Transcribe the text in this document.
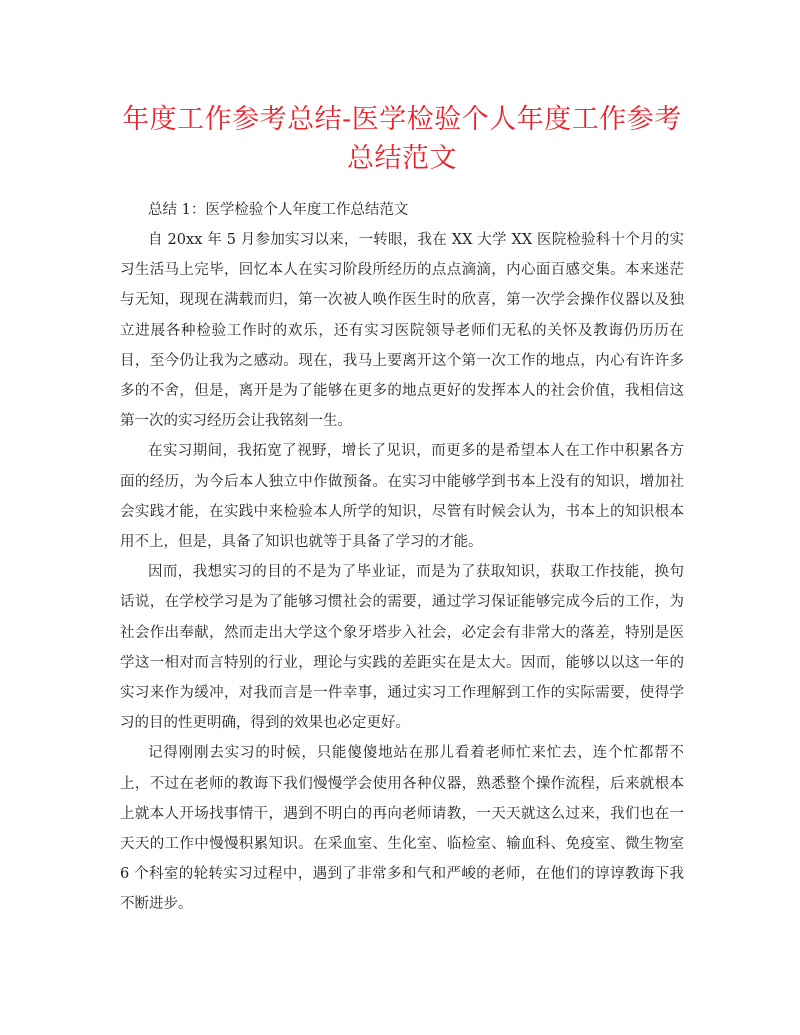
年度工作参考总结-医学检验个人年度工作参考总结范文

总结 1：医学检验个人年度工作总结范文

自 20xx 年 5 月参加实习以来，一转眼，我在 XX 大学 XX 医院检验科十个月的实习生活马上完毕，回忆本人在实习阶段所经历的点点滴滴，内心面百感交集。本来迷茫与无知，现现在满载而归，第一次被人唤作医生时的欣喜，第一次学会操作仪器以及独立进展各种检验工作时的欢乐，还有实习医院领导老师们无私的关怀及教诲仍历历在目，至今仍让我为之感动。现在，我马上要离开这个第一次工作的地点，内心有许许多多的不舍，但是，离开是为了能够在更多的地点更好的发挥本人的社会价值，我相信这第一次的实习经历会让我铭刻一生。

在实习期间，我拓宽了视野，增长了见识，而更多的是希望本人在工作中积累各方面的经历，为今后本人独立中作做预备。在实习中能够学到书本上没有的知识，增加社会实践才能，在实践中来检验本人所学的知识，尽管有时候会认为，书本上的知识根本用不上，但是，具备了知识也就等于具备了学习的才能。

因而，我想实习的目的不是为了毕业证，而是为了获取知识，获取工作技能，换句话说，在学校学习是为了能够习惯社会的需要，通过学习保证能够完成今后的工作，为社会作出奉献，然而走出大学这个象牙塔步入社会，必定会有非常大的落差，特别是医学这一相对而言特别的行业，理论与实践的差距实在是太大。因而，能够以以这一年的实习来作为缓冲，对我而言是一件幸事，通过实习工作理解到工作的实际需要，使得学习的目的性更明确，得到的效果也必定更好。

记得刚刚去实习的时候，只能傻傻地站在那儿看着老师忙来忙去，连个忙都帮不上，不过在老师的教诲下我们慢慢学会使用各种仪器，熟悉整个操作流程，后来就根本上就本人开场找事情干，遇到不明白的再向老师请教，一天天就这么过来，我们也在一天天的工作中慢慢积累知识。在采血室、生化室、临检室、输血科、免疫室、微生物室 6 个科室的轮转实习过程中，遇到了非常多和气和严峻的老师，在他们的谆谆教诲下我不断进步。
